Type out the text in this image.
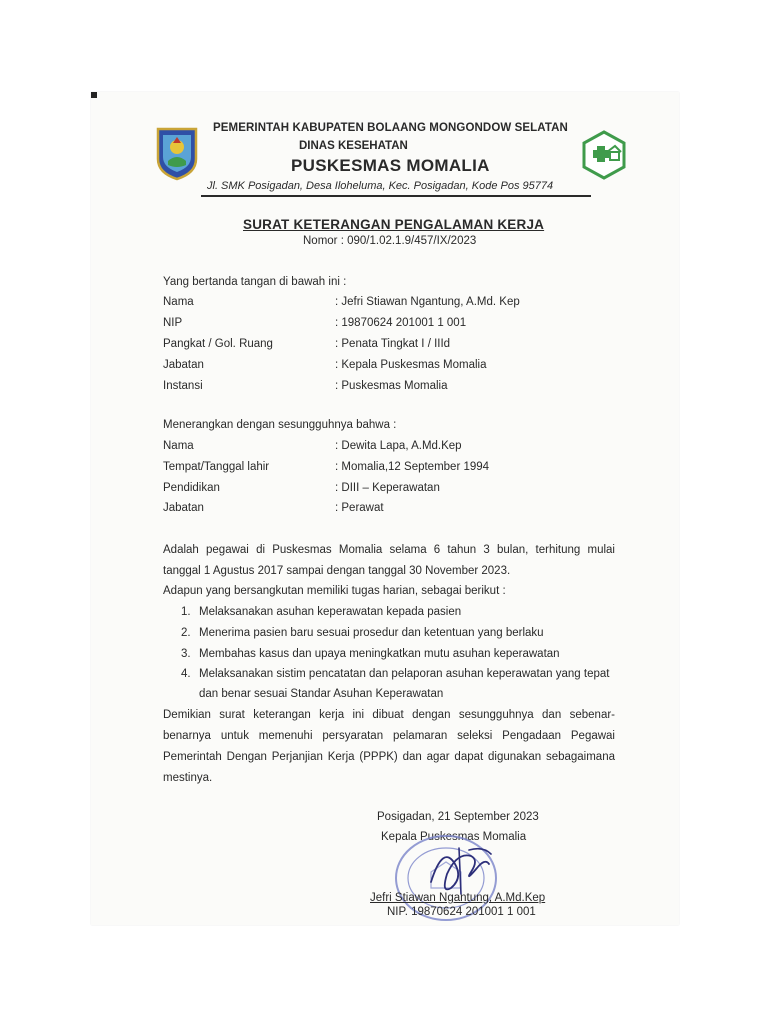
PEMERINTAH KABUPATEN BOLAANG MONGONDOW SELATAN
DINAS KESEHATAN
PUSKESMAS MOMALIA
Jl. SMK Posigadan, Desa Iloheluma, Kec. Posigadan, Kode Pos 95774
SURAT KETERANGAN PENGALAMAN KERJA
Nomor : 090/1.02.1.9/457/IX/2023
Yang bertanda tangan di bawah ini :
Nama	: Jefri Stiawan Ngantung, A.Md. Kep
NIP	: 19870624 201001 1 001
Pangkat / Gol. Ruang	: Penata Tingkat I / IIId
Jabatan	: Kepala Puskesmas Momalia
Instansi	: Puskesmas Momalia
Menerangkan dengan sesungguhnya bahwa :
Nama	: Dewita Lapa, A.Md.Kep
Tempat/Tanggal lahir	: Momalia,12 September 1994
Pendidikan	: DIII – Keperawatan
Jabatan	: Perawat
Adalah pegawai di Puskesmas Momalia selama 6 tahun 3 bulan, terhitung mulai
tanggal 1 Agustus 2017 sampai dengan tanggal 30 November 2023.
Adapun yang bersangkutan memiliki tugas harian, sebagai berikut :
1. Melaksanakan asuhan keperawatan kepada pasien
2. Menerima pasien baru sesuai prosedur dan ketentuan yang berlaku
3. Membahas kasus dan upaya meningkatkan mutu asuhan keperawatan
4. Melaksanakan sistim pencatatan dan pelaporan asuhan keperawatan yang tepat
dan benar sesuai Standar Asuhan Keperawatan
Demikian surat keterangan kerja ini dibuat dengan sesungguhnya dan sebenar-
benarnya untuk memenuhi persyaratan pelamaran seleksi Pengadaan Pegawai
Pemerintah Dengan Perjanjian Kerja (PPPK) dan agar dapat digunakan sebagaimana
mestinya.
Posigadan, 21 September 2023
Kepala Puskesmas Momalia
Jefri Stiawan Ngantung, A.Md.Kep
NIP. 19870624 201001 1 001
